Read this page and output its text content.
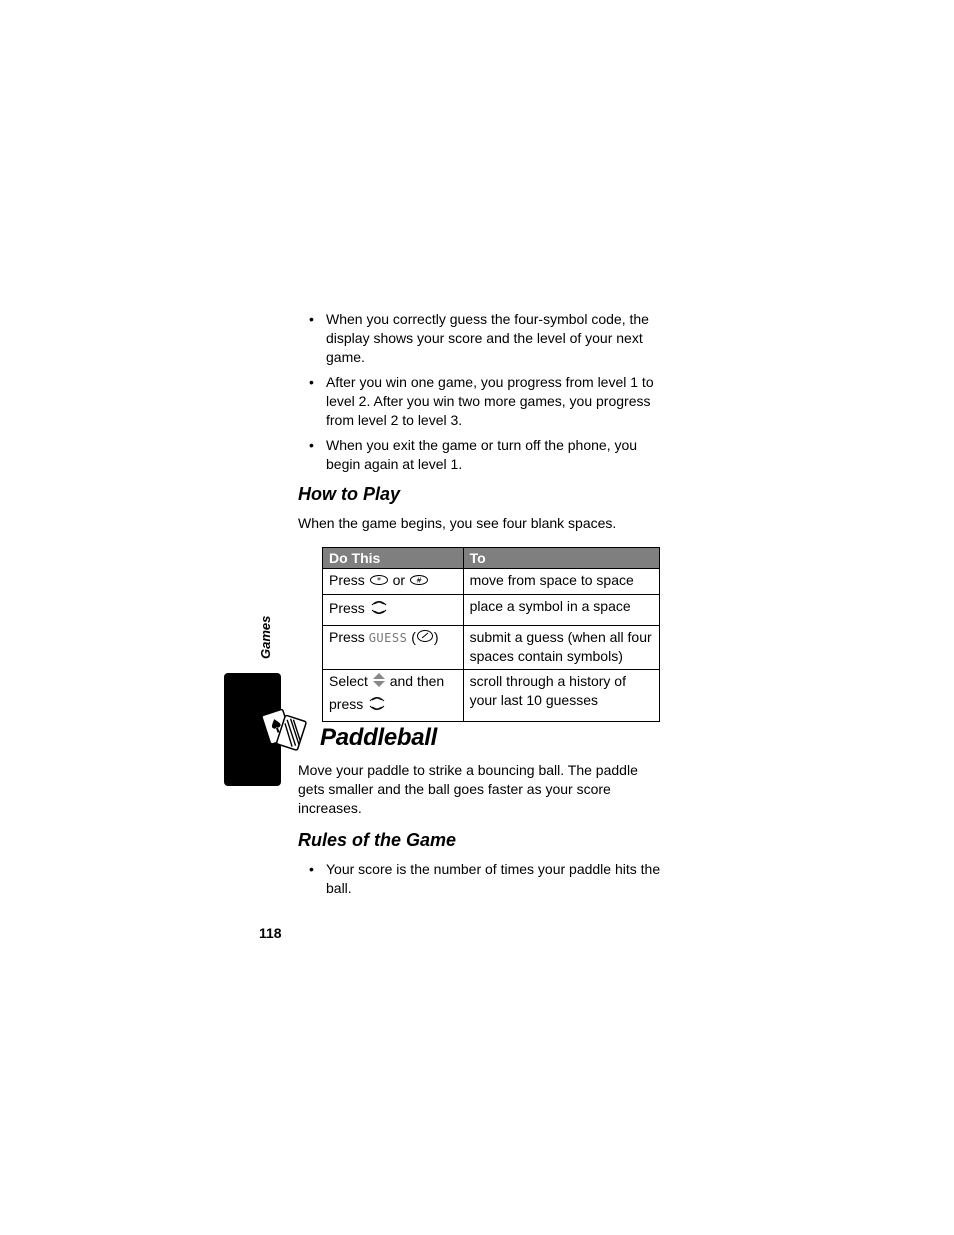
Games
• When you correctly guess the four-symbol code, the display shows your score and the level of your next game.
• After you win one game, you progress from level 1 to level 2. After you win two more games, you progress from level 2 to level 3.
• When you exit the game or turn off the phone, you begin again at level 1.
How to Play
When the game begins, you see four blank spaces.
Do This	To
Press * or #	move from space to space
Press	place a symbol in a space
Press GUESS ( )	submit a guess (when all four spaces contain symbols)
Select and then
press	scroll through a history of your last 10 guesses
Paddleball
Move your paddle to strike a bouncing ball. The paddle gets smaller and the ball goes faster as your score increases.
Rules of the Game
• Your score is the number of times your paddle hits the ball.
118
